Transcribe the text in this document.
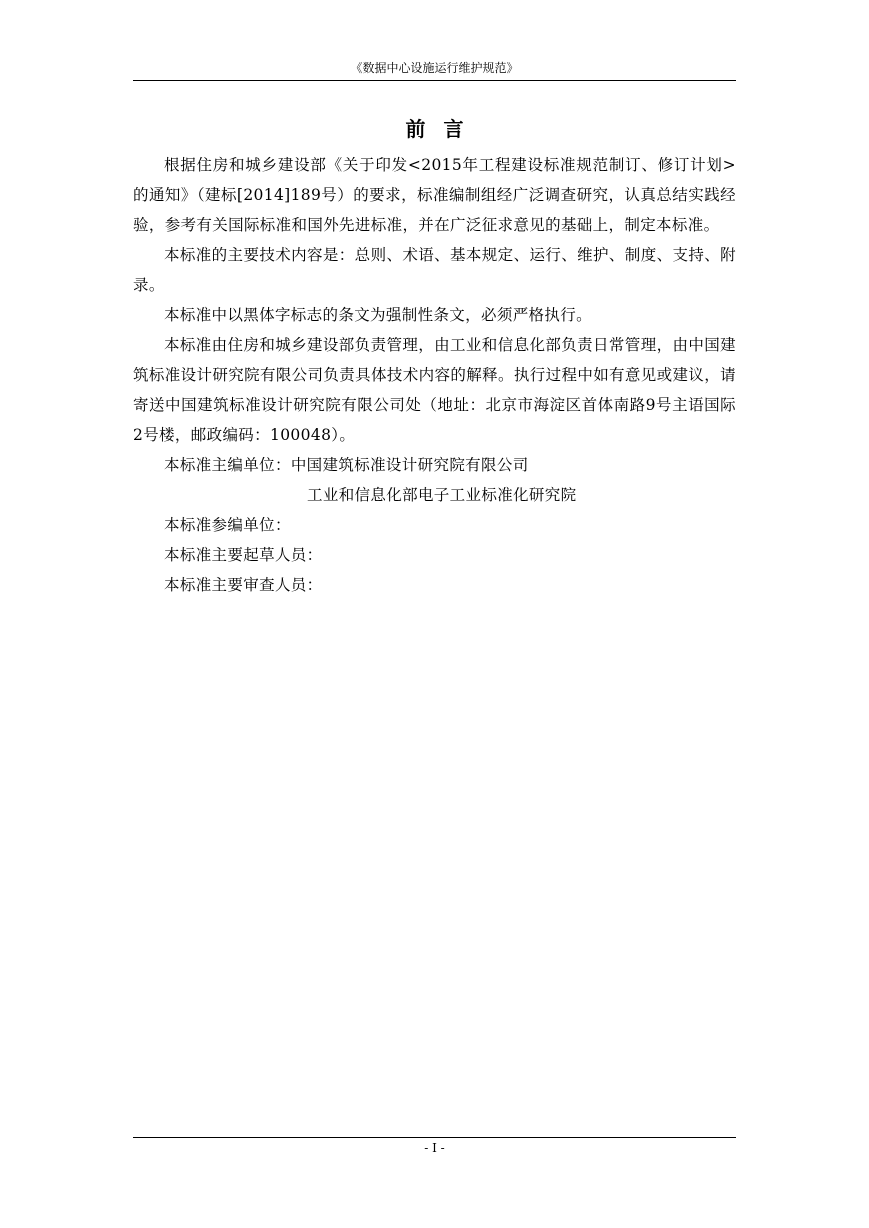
《数据中心设施运行维护规范》
前言

根据住房和城乡建设部《关于印发<2015年工程建设标准规范制订、修订计划>的通知》（建标[2014]189号）的要求，标准编制组经广泛调查研究，认真总结实践经验，参考有关国际标准和国外先进标准，并在广泛征求意见的基础上，制定本标准。

本标准的主要技术内容是：总则、术语、基本规定、运行、维护、制度、支持、附录。

本标准中以黑体字标志的条文为强制性条文，必须严格执行。

本标准由住房和城乡建设部负责管理，由工业和信息化部负责日常管理，由中国建筑标准设计研究院有限公司负责具体技术内容的解释。执行过程中如有意见或建议，请寄送中国建筑标准设计研究院有限公司处（地址：北京市海淀区首体南路9号主语国际2号楼，邮政编码：100048）。

本标准主编单位：中国建筑标准设计研究院有限公司

工业和信息化部电子工业标准化研究院

本标准参编单位：

本标准主要起草人员：

本标准主要审查人员：

- I -
